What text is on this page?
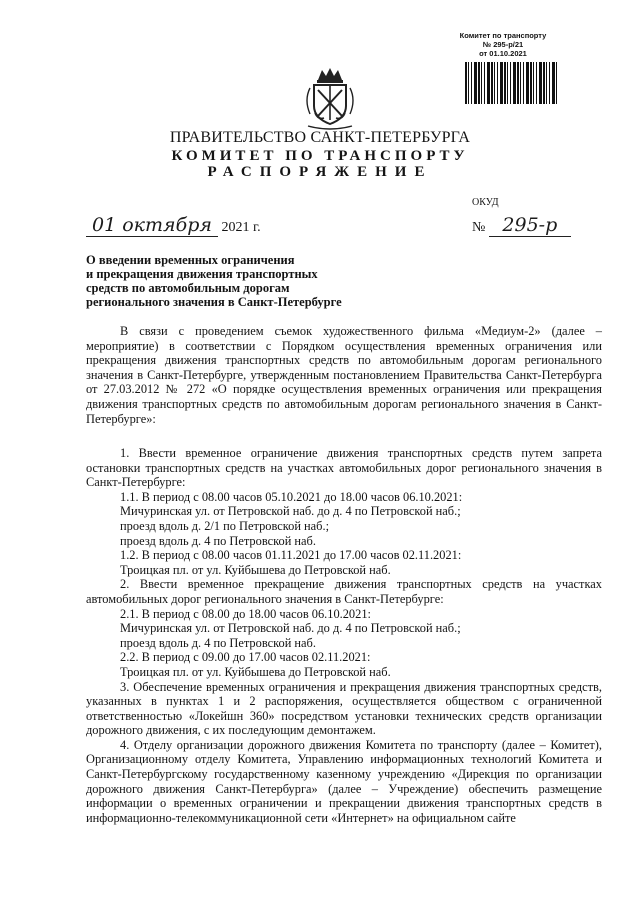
Комитет по транспорту
№ 295-р/21
от 01.10.2021
ПРАВИТЕЛЬСТВО САНКТ-ПЕТЕРБУРГА
КОМИТЕТ ПО ТРАНСПОРТУ
РАСПОРЯЖЕНИЕ
ОКУД
01 октября 2021 г.	№ 295-р
О введении временных ограничения
и прекращения движения транспортных
средств по автомобильным дорогам
регионального значения в Санкт-Петербурге
В связи с проведением съемок художественного фильма «Медиум-2» (далее – мероприятие) в соответствии с Порядком осуществления временных ограничения или прекращения движения транспортных средств по автомобильным дорогам регионального значения в Санкт-Петербурге, утвержденным постановлением Правительства Санкт-Петербурга от 27.03.2012 № 272 «О порядке осуществления временных ограничения или прекращения движения транспортных средств по автомобильным дорогам регионального значения в Санкт-Петербурге»:

1. Ввести временное ограничение движения транспортных средств путем запрета остановки транспортных средств на участках автомобильных дорог регионального значения в Санкт-Петербурге:

1.1. В период с 08.00 часов 05.10.2021 до 18.00 часов 06.10.2021:

Мичуринская ул. от Петровской наб. до д. 4 по Петровской наб.;

проезд вдоль д. 2/1 по Петровской наб.;

проезд вдоль д. 4 по Петровской наб.

1.2. В период с 08.00 часов 01.11.2021 до 17.00 часов 02.11.2021:

Троицкая пл. от ул. Куйбышева до Петровской наб.

2. Ввести временное прекращение движения транспортных средств на участках автомобильных дорог регионального значения в Санкт-Петербурге:

2.1. В период с 08.00 до 18.00 часов 06.10.2021:

Мичуринская ул. от Петровской наб. до д. 4 по Петровской наб.;

проезд вдоль д. 4 по Петровской наб.

2.2. В период с 09.00 до 17.00 часов 02.11.2021:

Троицкая пл. от ул. Куйбышева до Петровской наб.

3. Обеспечение временных ограничения и прекращения движения транспортных средств, указанных в пунктах 1 и 2 распоряжения, осуществляется обществом с ограниченной ответственностью «Локейшн 360» посредством установки технических средств организации дорожного движения, с их последующим демонтажем.

4. Отделу организации дорожного движения Комитета по транспорту (далее – Комитет), Организационному отделу Комитета, Управлению информационных технологий Комитета и Санкт-Петербургскому государственному казенному учреждению «Дирекция по организации дорожного движения Санкт-Петербурга» (далее – Учреждение) обеспечить размещение информации о временных ограничении и прекращении движения транспортных средств в информационно-телекоммуникационной сети «Интернет» на официальном сайте
